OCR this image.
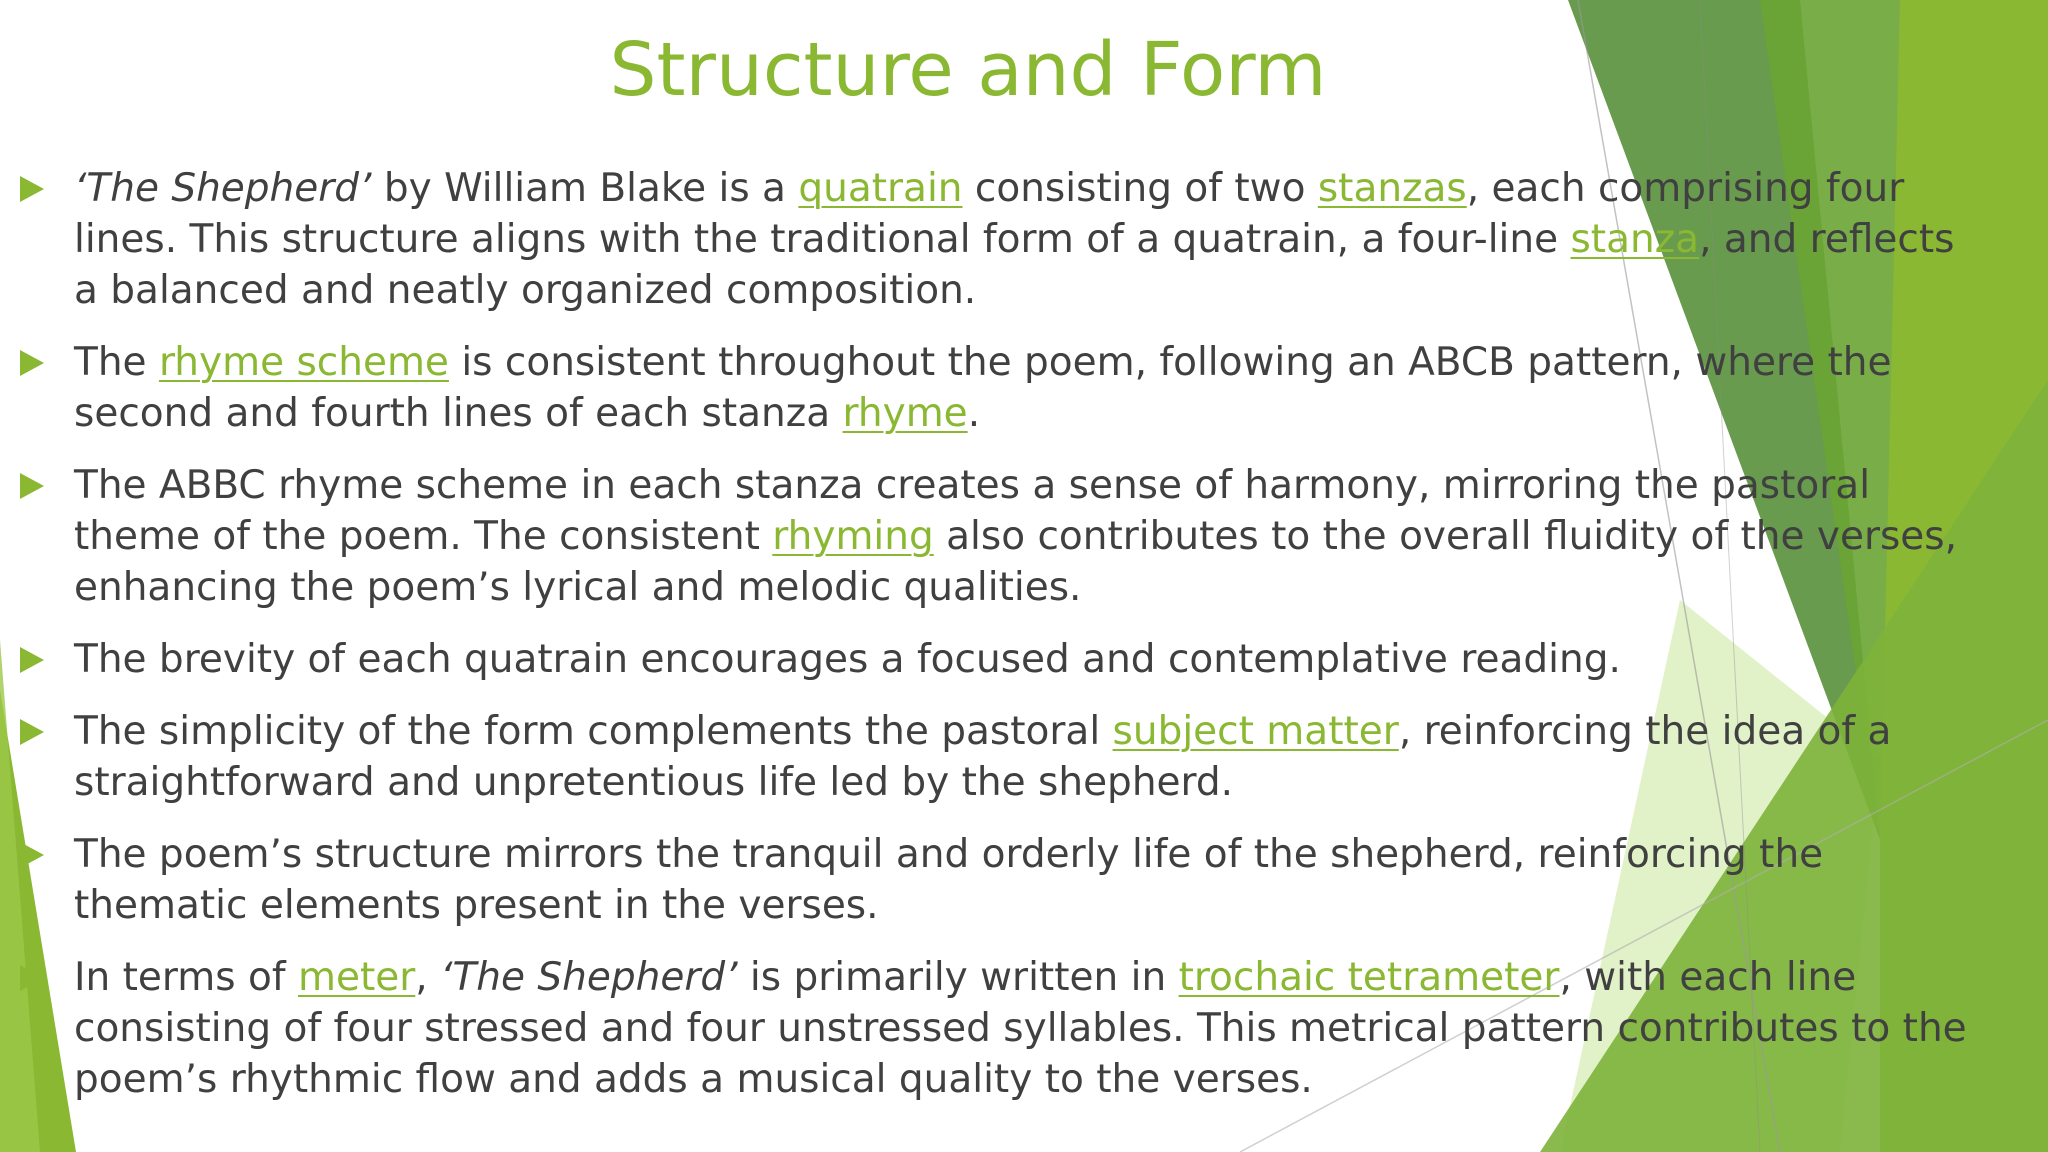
Structure and Form
‘The Shepherd’ by William Blake is a quatrain consisting of two stanzas, each comprising four lines. This structure aligns with the traditional form of a quatrain, a four-line stanza, and reflects a balanced and neatly organized composition.
The rhyme scheme is consistent throughout the poem, following an ABCB pattern, where the second and fourth lines of each stanza rhyme.
The ABBC rhyme scheme in each stanza creates a sense of harmony, mirroring the pastoral theme of the poem. The consistent rhyming also contributes to the overall fluidity of the verses, enhancing the poem’s lyrical and melodic qualities.
The brevity of each quatrain encourages a focused and contemplative reading.
The simplicity of the form complements the pastoral subject matter, reinforcing the idea of a straightforward and unpretentious life led by the shepherd.
The poem’s structure mirrors the tranquil and orderly life of the shepherd, reinforcing the thematic elements present in the verses.
In terms of meter, ‘The Shepherd’ is primarily written in trochaic tetrameter, with each line consisting of four stressed and four unstressed syllables. This metrical pattern contributes to the poem’s rhythmic flow and adds a musical quality to the verses.
